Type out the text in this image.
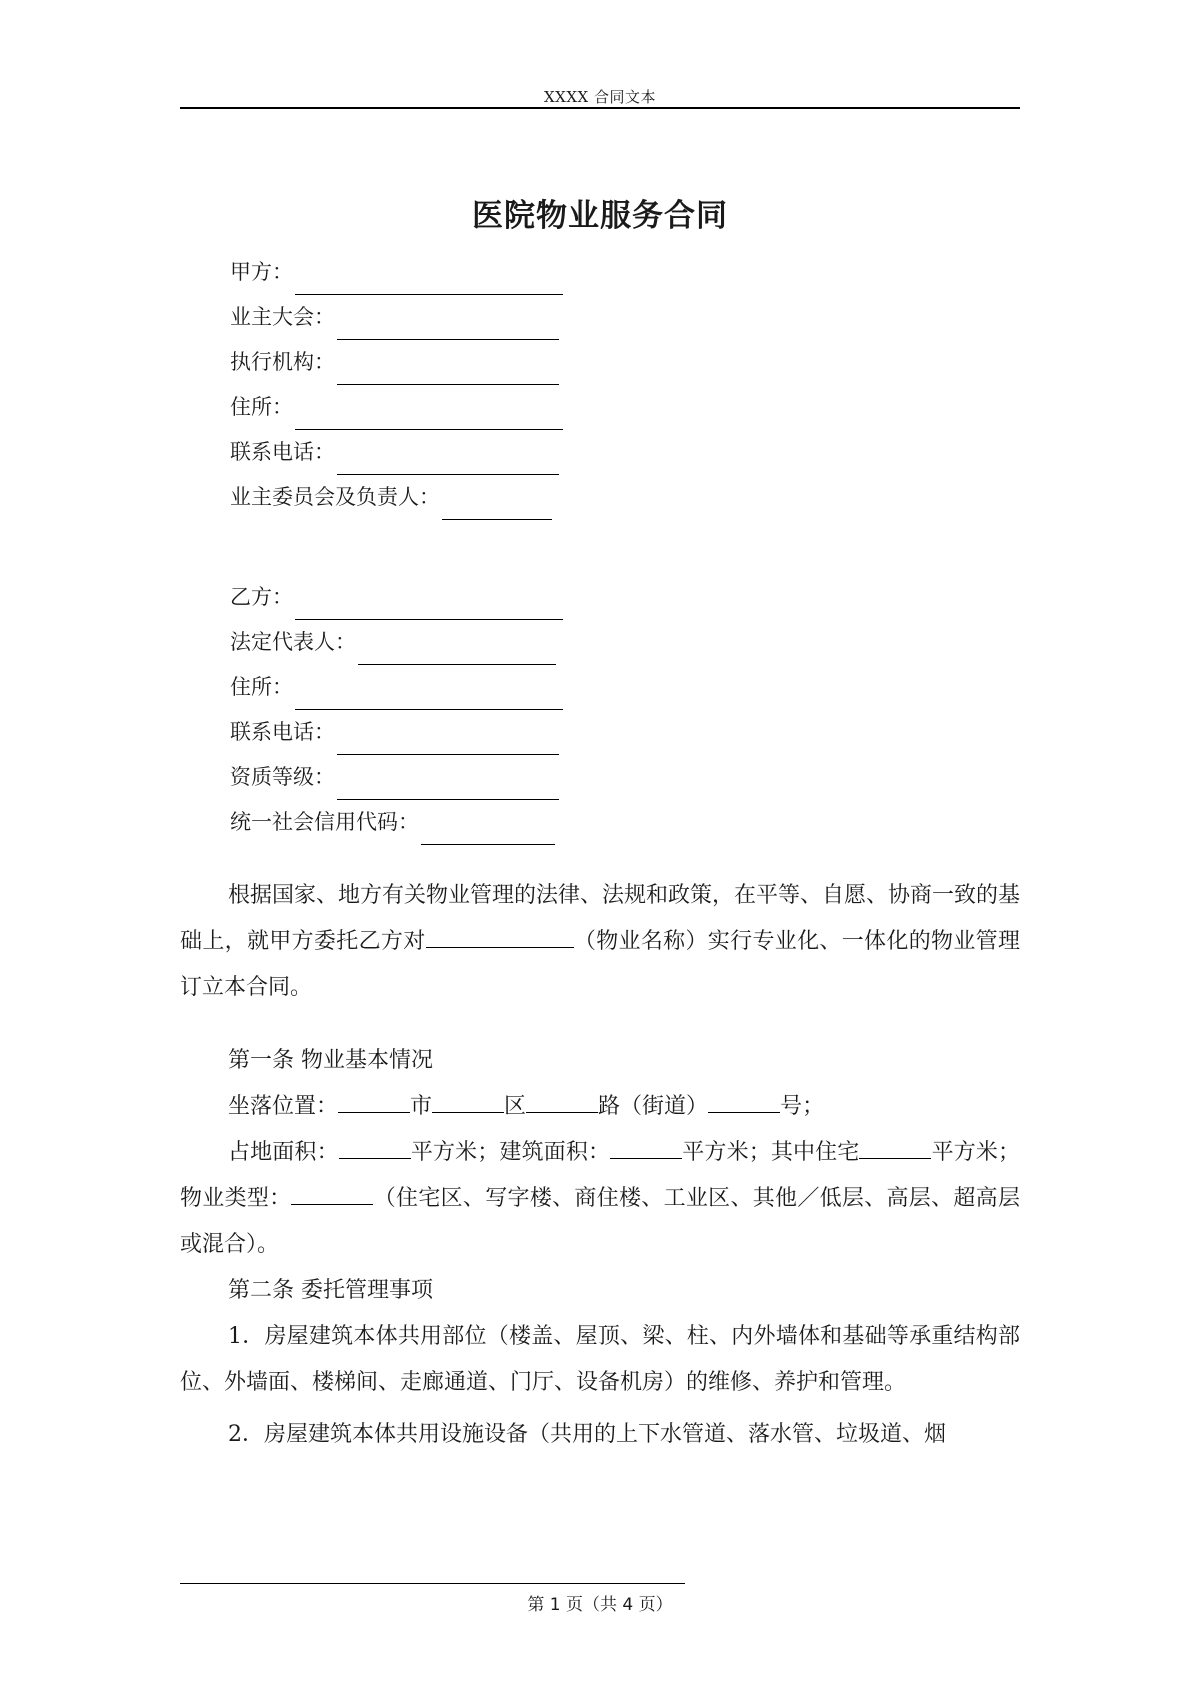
XXXX 合同文本
医院物业服务合同
甲方：
业主大会：
执行机构：
住所：
联系电话：
业主委员会及负责人：
乙方：
法定代表人：
住所：
联系电话：
资质等级：
统一社会信用代码：

根据国家、地方有关物业管理的法律、法规和政策，在平等、自愿、协商一致的基础上，就甲方委托乙方对	（物业名称）实行专业化、一体化的物业管理订立本合同。

第一条 物业基本情况

坐落位置：	市	区	路（街道）	号；

占地面积：	平方米；建筑面积：	平方米；其中住宅	平方米；物业类型：	（住宅区、写字楼、商住楼、工业区、其他／低层、高层、超高层或混合）。

第二条 委托管理事项

1．房屋建筑本体共用部位（楼盖、屋顶、梁、柱、内外墙体和基础等承重结构部位、外墙面、楼梯间、走廊通道、门厅、设备机房）的维修、养护和管理。

2．房屋建筑本体共用设施设备（共用的上下水管道、落水管、垃圾道、烟

第 1 页（共 4 页）
